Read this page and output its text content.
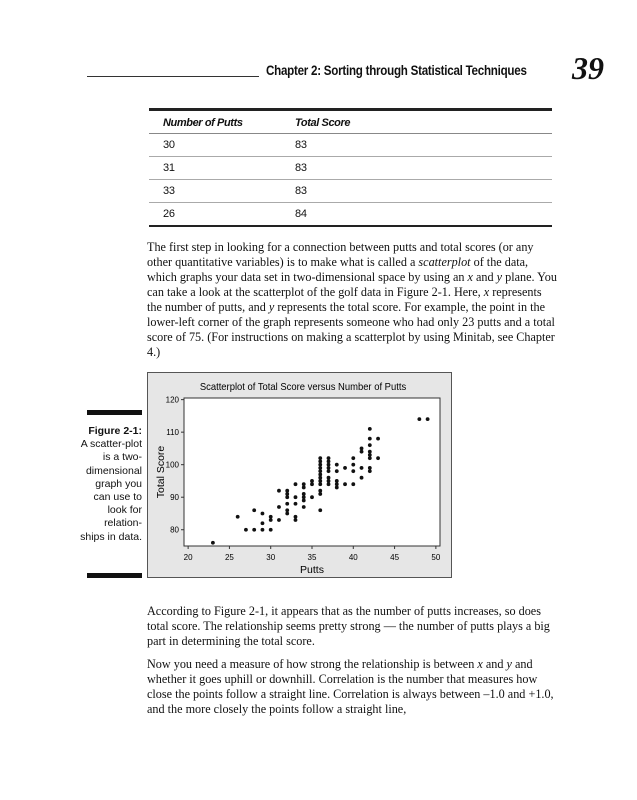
Chapter 2: Sorting through Statistical Techniques 39
Number of Putts	Total Score
30	83
31	83
33	83
26	84
The first step in looking for a connection between putts and total scores (or any other quantitative variables) is to make what is called a scatterplot of the data, which graphs your data set in two-dimensional space by using an x and y plane. You can take a look at the scatterplot of the golf data in Figure 2-1. Here, x represents the number of putts, and y represents the total score. For example, the point in the lower-left corner of the graph represents someone who had only 23 putts and a total score of 75. (For instructions on making a scatterplot by using Minitab, see Chapter 4.)
Figure 2-1: A scatter-plot is a two-dimensional graph you can use to look for relation-ships in data.
Scatterplot of Total Score versus Number of Putts
20	25	30	35	40	45	50
80
90
100
110
120
Putts
Total Score
According to Figure 2-1, it appears that as the number of putts increases, so does total score. The relationship seems pretty strong — the number of putts plays a big part in determining the total score.
Now you need a measure of how strong the relationship is between x and y and whether it goes uphill or downhill. Correlation is the number that measures how close the points follow a straight line. Correlation is always between –1.0 and +1.0, and the more closely the points follow a straight line,
